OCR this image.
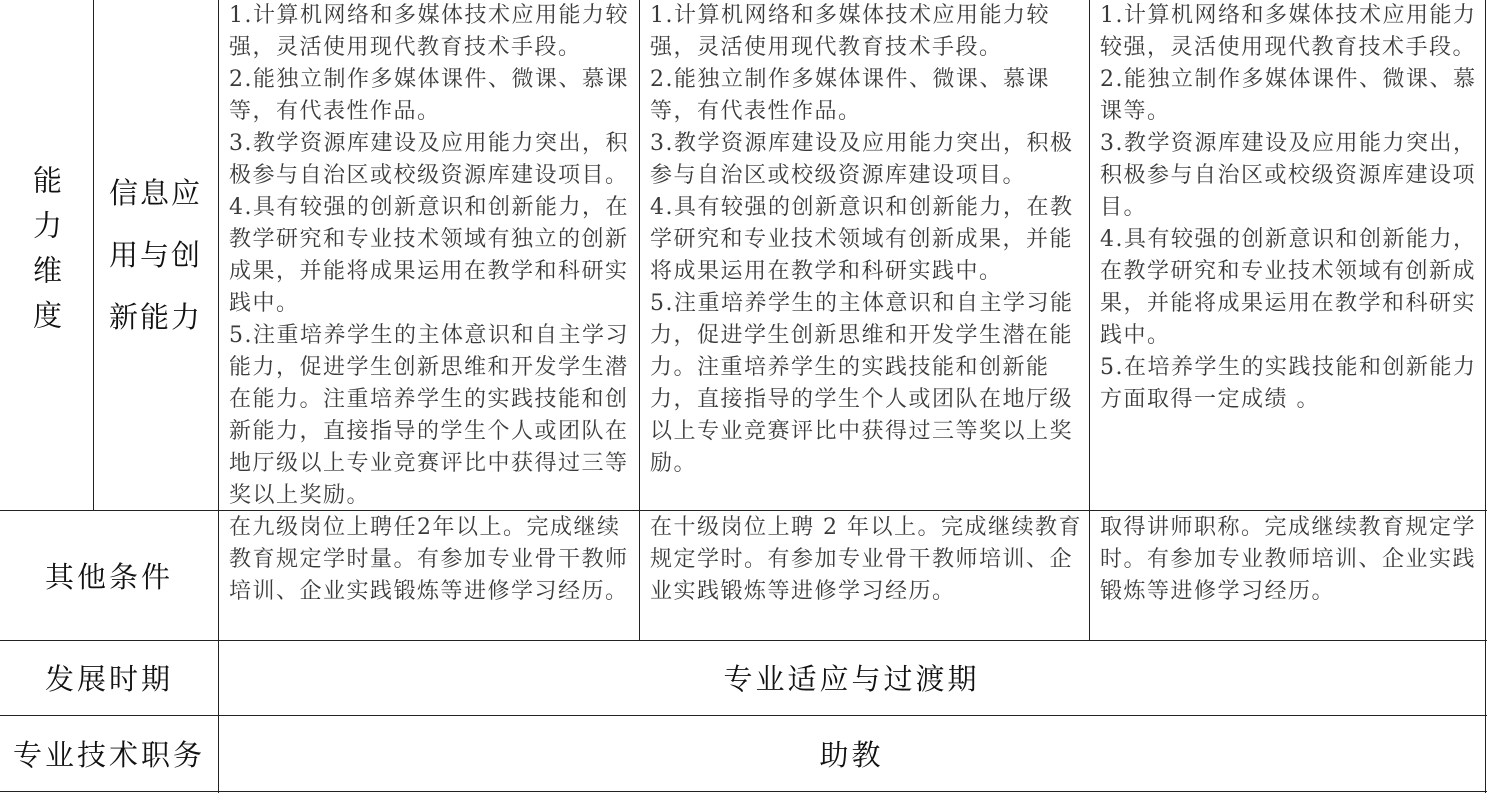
能力维度 信息应
用与创
新能力
1.计算机网络和多媒体技术应用能力较强，灵活使用现代教育技术手段。
2.能独立制作多媒体课件、微课、慕课等，有代表性作品。
3.教学资源库建设及应用能力突出，积极参与自治区或校级资源库建设项目。
4.具有较强的创新意识和创新能力，在教学研究和专业技术领域有独立的创新成果，并能将成果运用在教学和科研实践中。
5.注重培养学生的主体意识和自主学习能力，促进学生创新思维和开发学生潜在能力。注重培养学生的实践技能和创新能力，直接指导的学生个人或团队在地厅级以上专业竞赛评比中获得过三等奖以上奖励。
1.计算机网络和多媒体技术应用能力较强，灵活使用现代教育技术手段。
2.能独立制作多媒体课件、微课、慕课等，有代表性作品。
3.教学资源库建设及应用能力突出，积极参与自治区或校级资源库建设项目。
4.具有较强的创新意识和创新能力，在教学研究和专业技术领域有创新成果，并能将成果运用在教学和科研实践中。
5.注重培养学生的主体意识和自主学习能力，促进学生创新思维和开发学生潜在能力。注重培养学生的实践技能和创新能力，直接指导的学生个人或团队在地厅级以上专业竞赛评比中获得过三等奖以上奖励。
1.计算机网络和多媒体技术应用能力较强，灵活使用现代教育技术手段。
2.能独立制作多媒体课件、微课、慕课等。
3.教学资源库建设及应用能力突出，积极参与自治区或校级资源库建设项目。
4.具有较强的创新意识和创新能力，在教学研究和专业技术领域有创新成果，并能将成果运用在教学和科研实践中。
5.在培养学生的实践技能和创新能力方面取得一定成绩 。
其他条件
在九级岗位上聘任2年以上。完成继续教育规定学时量。有参加专业骨干教师培训、企业实践锻炼等进修学习经历。
在十级岗位上聘 2 年以上。完成继续教育规定学时。有参加专业骨干教师培训、企业实践锻炼等进修学习经历。
取得讲师职称。完成继续教育规定学时。有参加专业教师培训、企业实践锻炼等进修学习经历。
发展时期	专业适应与过渡期
专业技术职务	助教
